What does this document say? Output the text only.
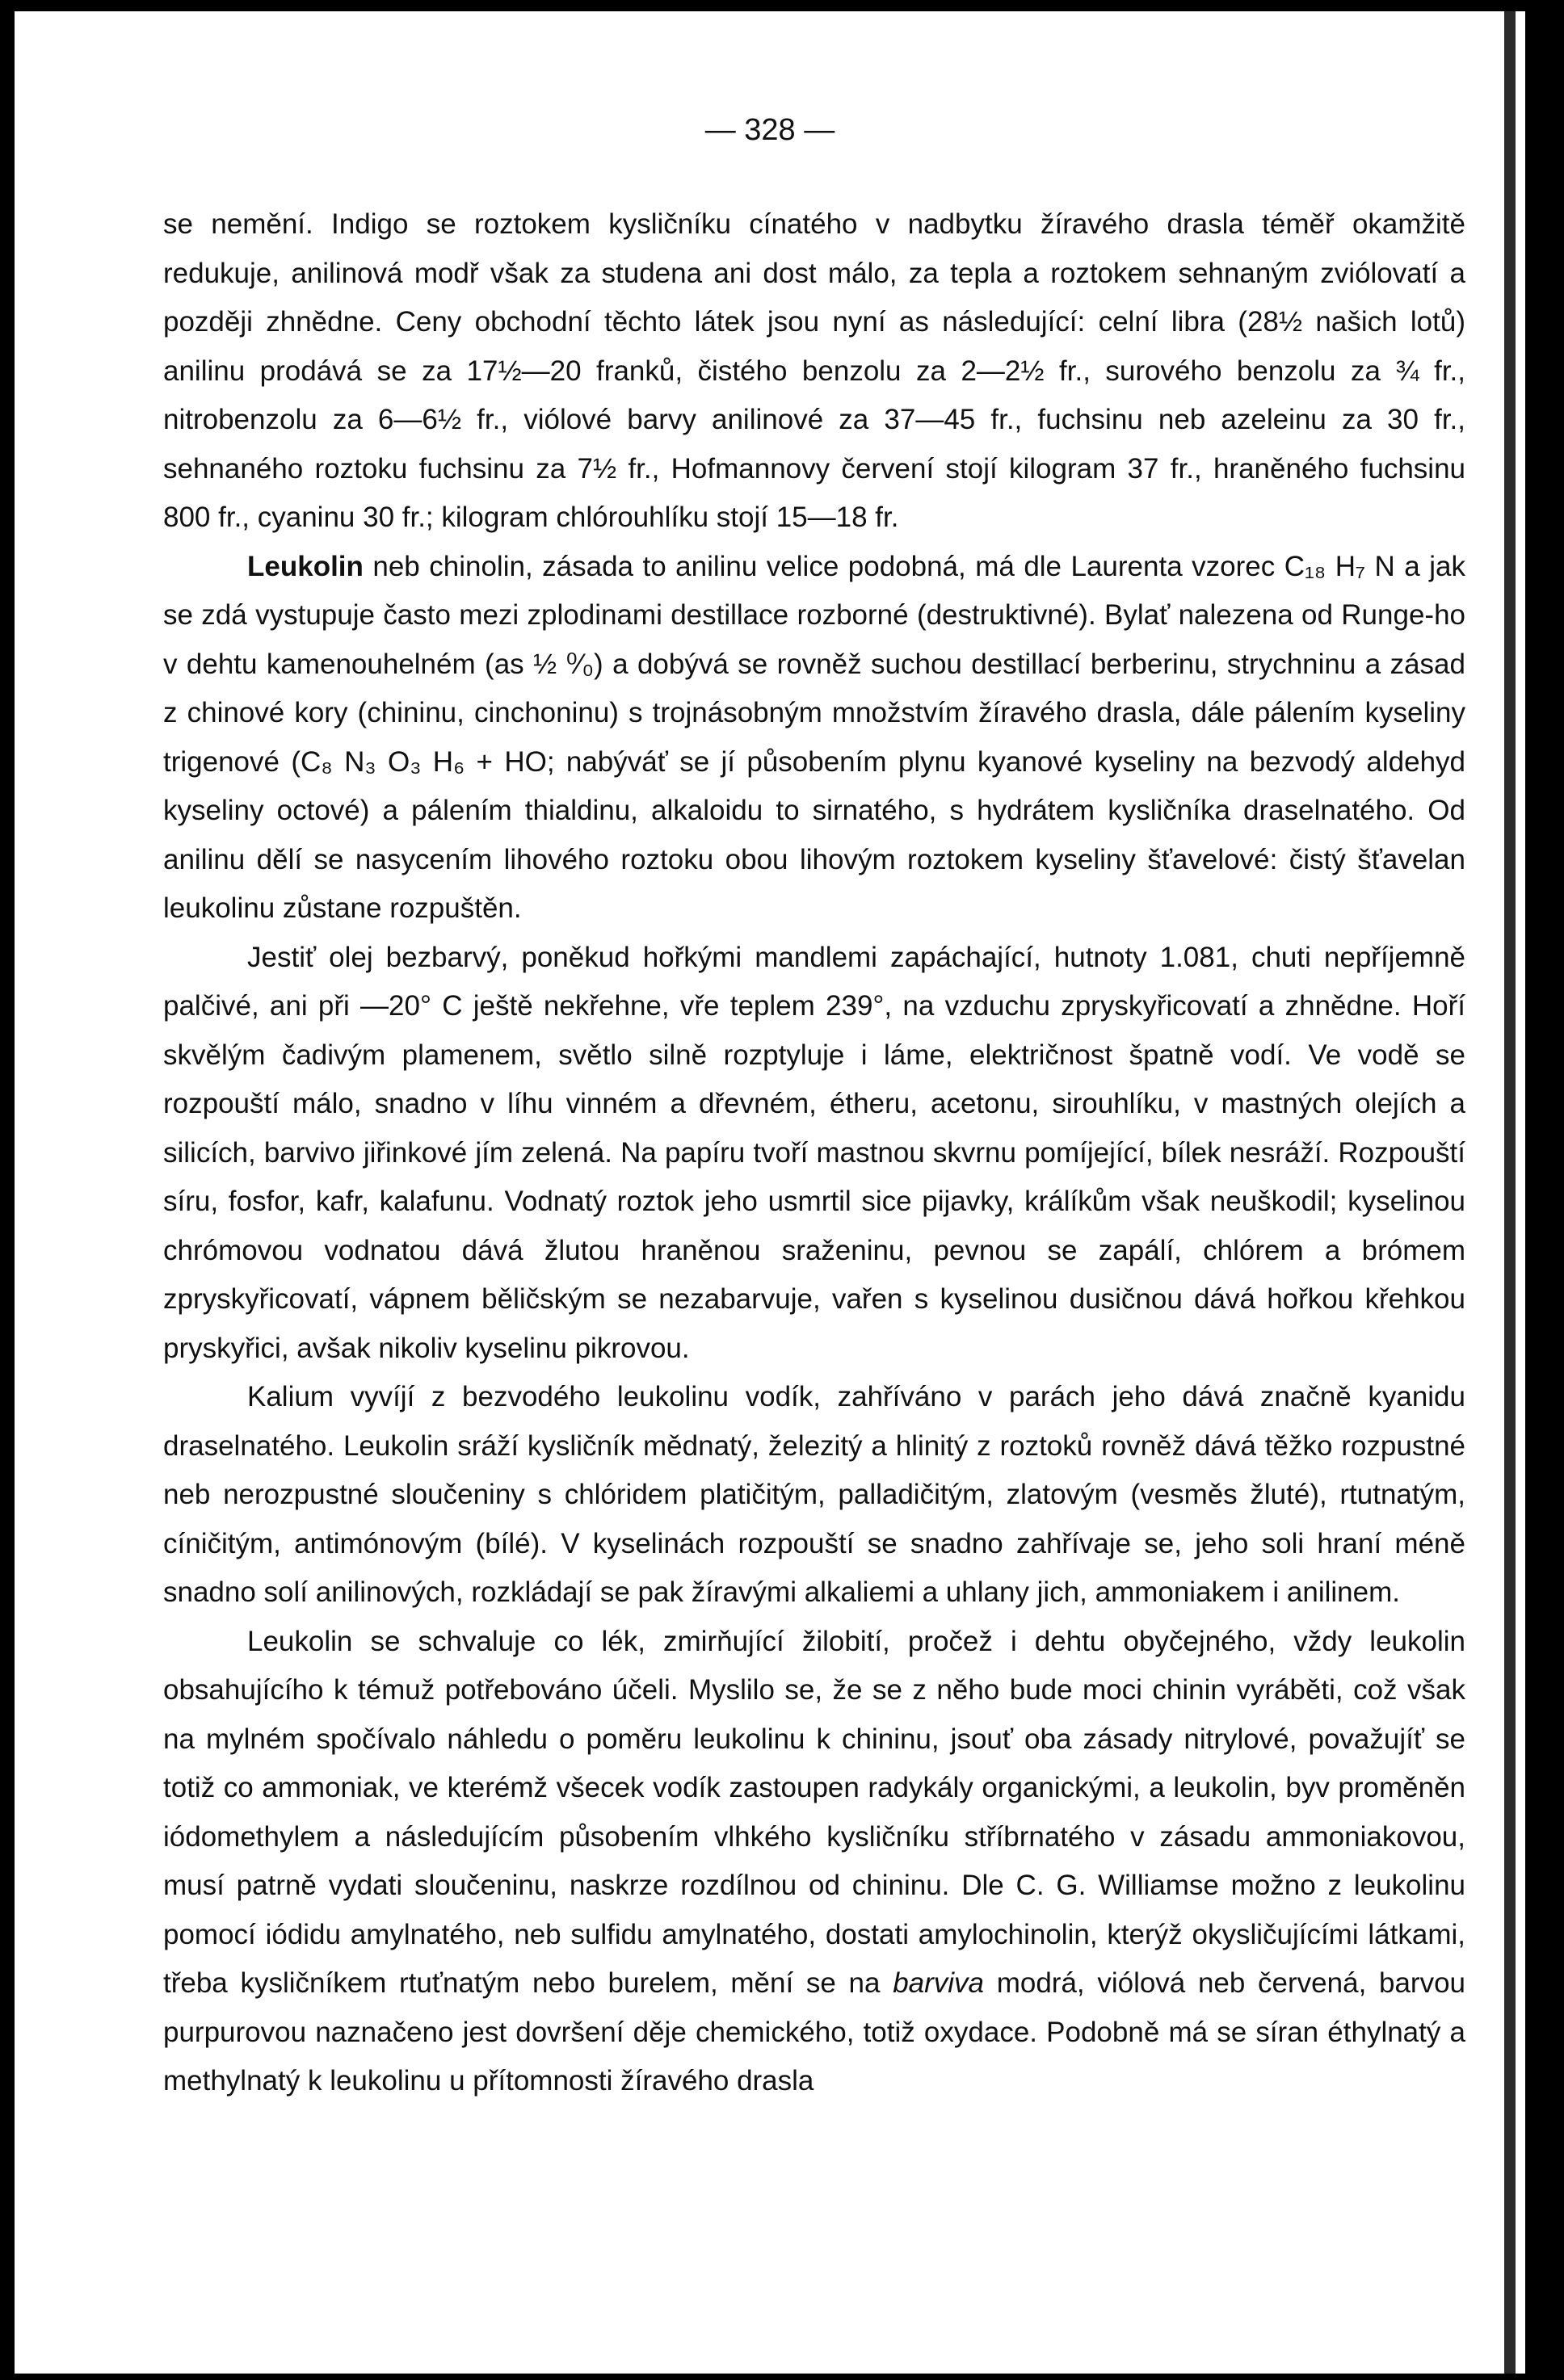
— 328 —

se nemění. Indigo se roztokem kysličníku cínatého v nadbytku žíravého drasla téměř okamžitě redukuje, anilinová modř však za studena ani dost málo, za tepla a roztokem sehnaným zviólovatí a později zhnědne. Ceny obchodní těchto látek jsou nyní as následující: celní libra (28½ našich lotů) anilinu prodává se za 17½—20 franků, čistého benzolu za 2—2½ fr., surového benzolu za ¾ fr., nitrobenzolu za 6—6½ fr., viólové barvy anilinové za 37—45 fr., fuchsinu neb azeleinu za 30 fr., sehnaného roztoku fuchsinu za 7½ fr., Hofmannovy červení stojí kilogram 37 fr., hraněného fuchsinu 800 fr., cyaninu 30 fr.; kilogram chlórouhlíku stojí 15—18 fr.

Leukolin neb chinolin, zásada to anilinu velice podobná, má dle Laurenta vzorec C₁₈ H₇ N a jak se zdá vystupuje často mezi zplodinami destillace rozborné (destruktivné). Bylať nalezena od Runge-ho v dehtu kamenouhelném (as ½ ⁰⁄₀) a dobývá se rovněž suchou destillací berberinu, strychninu a zásad z chinové kory (chininu, cinchoninu) s trojnásobným množstvím žíravého drasla, dále pálením kyseliny trigenové (C₈ N₃ O₃ H₆ + HO; nabýváť se jí působením plynu kyanové kyseliny na bezvodý aldehyd kyseliny octové) a pálením thialdinu, alkaloidu to sirnatého, s hydrátem kysličníka draselnatého. Od anilinu dělí se nasycením lihového roztoku obou lihovým roztokem kyseliny šťavelové: čistý šťavelan leukolinu zůstane rozpuštěn.

Jestiť olej bezbarvý, poněkud hořkými mandlemi zapáchající, hutnoty 1.081, chuti nepříjemně palčivé, ani při —20° C ještě nekřehne, vře teplem 239°, na vzduchu zpryskyřicovatí a zhnědne. Hoří skvělým čadivým plamenem, světlo silně rozptyluje i láme, električnost špatně vodí. Ve vodě se rozpouští málo, snadno v líhu vinném a dřevném, étheru, acetonu, sirouhlíku, v mastných olejích a silicích, barvivo jiřinkové jím zelená. Na papíru tvoří mastnou skvrnu pomíjející, bílek nesráží. Rozpouští síru, fosfor, kafr, kalafunu. Vodnatý roztok jeho usmrtil sice pijavky, králíkům však neuškodil; kyselinou chrómovou vodnatou dává žlutou hraněnou sraženinu, pevnou se zapálí, chlórem a brómem zpryskyřicovatí, vápnem běličským se nezabarvuje, vařen s kyselinou dusičnou dává hořkou křehkou pryskyřici, avšak nikoliv kyselinu pikrovou.

Kalium vyvíjí z bezvodého leukolinu vodík, zahříváno v parách jeho dává značně kyanidu draselnatého. Leukolin sráží kysličník mědnatý, železitý a hlinitý z roztoků rovněž dává těžko rozpustné neb nerozpustné sloučeniny s chlóridem platičitým, palladičitým, zlatovým (vesměs žluté), rtutnatým, cíničitým, antimónovým (bílé). V kyselinách rozpouští se snadno zahřívaje se, jeho soli hraní méně snadno solí anilinových, rozkládají se pak žíravými alkaliemi a uhlany jich, ammoniakem i anilinem.

Leukolin se schvaluje co lék, zmirňující žilobití, pročež i dehtu obyčejného, vždy leukolin obsahujícího k témuž potřebováno účeli. Myslilo se, že se z něho bude moci chinin vyráběti, což však na mylném spočívalo náhledu o poměru leukolinu k chininu, jsouť oba zásady nitrylové, považujíť se totiž co ammoniak, ve kterémž všecek vodík zastoupen radykály organickými, a leukolin, byv proměněn iódomethylem a následujícím působením vlhkého kysličníku stříbrnatého v zásadu ammoniakovou, musí patrně vydati sloučeninu, naskrze rozdílnou od chininu. Dle C. G. Williamse možno z leukolinu pomocí iódidu amylnatého, neb sulfidu amylnatého, dostati amylochinolin, kterýž okysličujícími látkami, třeba kysličníkem rtuťnatým nebo burelem, mění se na barviva modrá, viólová neb červená, barvou purpurovou naznačeno jest dovršení děje chemického, totiž oxydace. Podobně má se síran éthylnatý a methylnatý k leukolinu u přítomnosti žíravého drasla
